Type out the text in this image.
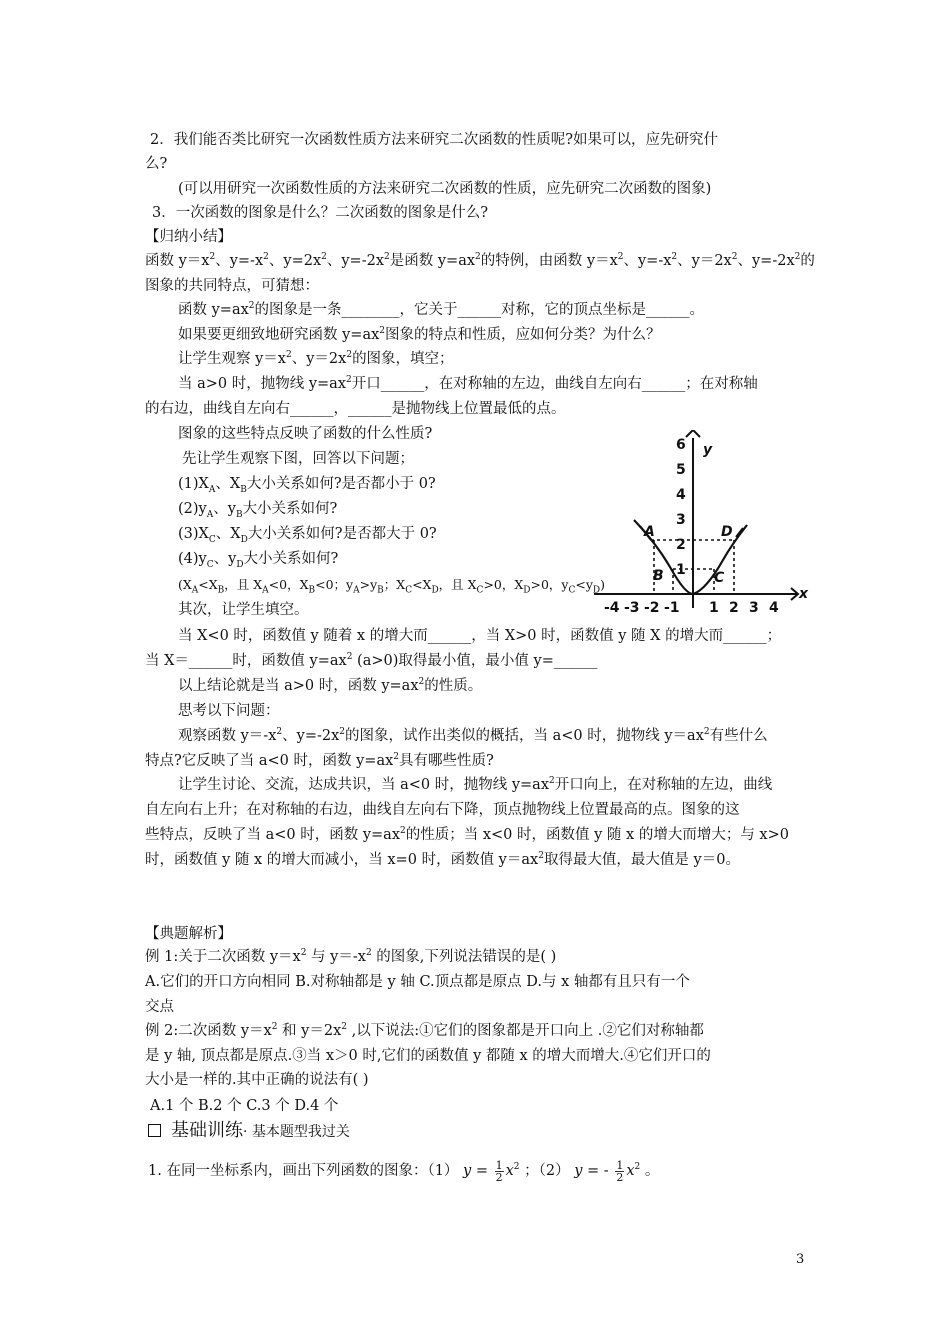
2．我们能否类比研究一次函数性质方法来研究二次函数的性质呢?如果可以，应先研究什
么?
(可以用研究一次函数性质的方法来研究二次函数的性质，应先研究二次函数的图象)
3．一次函数的图象是什么？二次函数的图象是什么?
【归纳小结】
函数 $y=x^2$、$y=-x^2$、$y=2x^2$、$y=-2x^2$是函数 $y=ax^2$的特例，由函数 $y=x^2$、$y=-x^2$、$y=2x^2$、$y=-2x^2$的
图象的共同特点，可猜想：
函数 $y=ax^2$的图象是一条________，它关于______对称，它的顶点坐标是______。
如果要更细致地研究函数 $y=ax^2$图象的特点和性质，应如何分类？为什么？
让学生观察 $y=x^2$、$y=2x^2$的图象，填空；
当 a>0 时，抛物线 $y=ax^2$开口______，在对称轴的左边，曲线自左向右______；在对称轴
的右边，曲线自左向右______，______是抛物线上位置最低的点。
图象的这些特点反映了函数的什么性质?
先让学生观察下图，回答以下问题；
$(1)X_A$、$X_B$大小关系如何?是否都小于 0?
$(2)y_A$、$y_B$大小关系如何?
$(3)X_C$、$X_D$大小关系如何?是否都大于 0?
$(4)y_C$、$y_D$大小关系如何?
($X_A<X_B$，且 $X_A<0$，$X_B<0$；$y_A>y_B$；$X_C<X_D$，且 $X_C>0$，$X_D>0$，$y_C<y_D$)
其次，让学生填空。
当 X<0 时，函数值 y 随着 x 的增大而______，当 X>0 时，函数值 y 随 X 的增大而______；
当 X＝______时，函数值 $y=ax^2$ (a>0)取得最小值，最小值 y=______
以上结论就是当 a>0 时，函数 $y=ax^2$的性质。
思考以下问题：
观察函数 $y=-x^2$、$y=-2x^2$的图象，试作出类似的概括，当 a<0 时，抛物线 $y=ax^2$有些什么
特点?它反映了当 a<0 时，函数 $y=ax^2$具有哪些性质?
让学生讨论、交流，达成共识，当 a<0 时，抛物线 $y=ax^2$开口向上，在对称轴的左边，曲线
自左向右上升；在对称轴的右边，曲线自左向右下降，顶点抛物线上位置最高的点。图象的这
些特点，反映了当 a<0 时，函数 $y=ax^2$的性质；当 x<0 时，函数值 y 随 x 的增大而增大；与 x>0
时，函数值 y 随 x 的增大而减小，当 x=0 时，函数值 $y=ax^2$取得最大值，最大值是 y＝0。
【典题解析】
例 1:关于二次函数 $y=x^2$ 与 $y=-x^2$ 的图象,下列说法错误的是( )
A.它们的开口方向相同 B.对称轴都是 y 轴 C.顶点都是原点 D.与 x 轴都有且只有一个
交点
例 2:二次函数 $y=x^2$ 和 $y=2x^2$ ,以下说法:①它们的图象都是开口向上 .②它们对称轴都
是 y 轴, 顶点都是原点.③当 x＞0 时,它们的函数值 y 都随 x 的增大而增大.④它们开口的
大小是一样的.其中正确的说法有( )
A.1 个 B.2 个 C.3 个 D.4 个
基础训练· 基本题型我过关
1. 在同一坐标系内，画出下列函数的图象：（1） $y = \frac{1}{2} x^2$ ；（2） y = - $\frac{1}{2} x^2$ 。
A
B	C
D
y
x
-4 -3 -2 -1 1 2 3 4
1
2
3
4
5
6
3
